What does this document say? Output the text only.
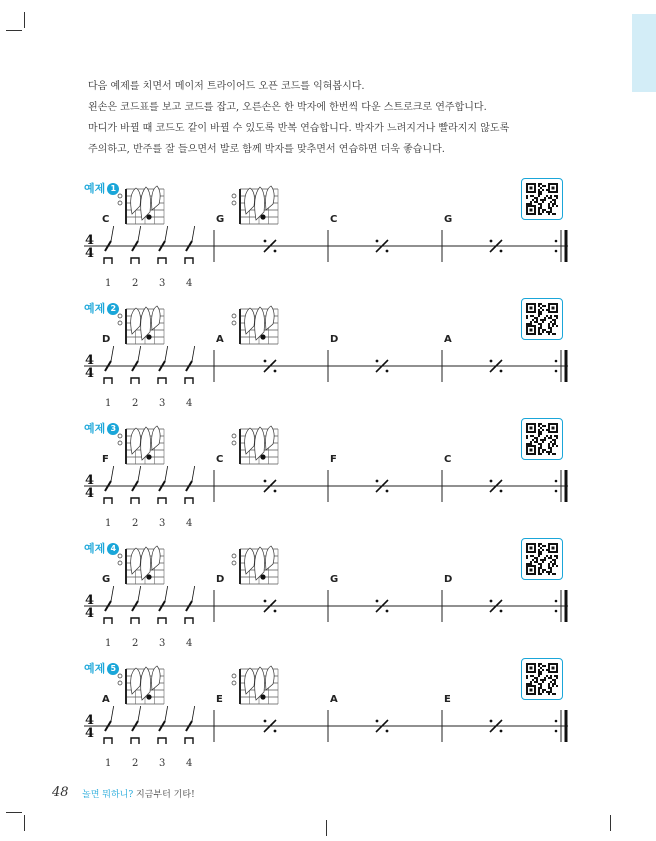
다음 예제를 치면서 메이저 트라이어드 오픈 코드를 익혀봅시다.

왼손은 코드표를 보고 코드를 잡고, 오른손은 한 박자에 한번씩 다운 스트로크로 연주합니다.

마디가 바뀔 때 코드도 같이 바뀔 수 있도록 반복 연습합니다. 박자가 느려지거나 빨라지지 않도록

주의하고, 반주를 잘 들으면서 발로 함께 박자를 맞추면서 연습하면 더욱 좋습니다.

예제 1
C	G	C	G
4
4
1 2 3 4
예제 2
D	A	D	A
4
4
1 2 3 4
예제 3
F	C	F	C
4
4
1 2 3 4
예제 4
G	D	G	D
4
4
1 2 3 4
예제 5
A	E	A	E
4
4
1 2 3 4
48 놀면 뭐하니? 지금부터 기타!
